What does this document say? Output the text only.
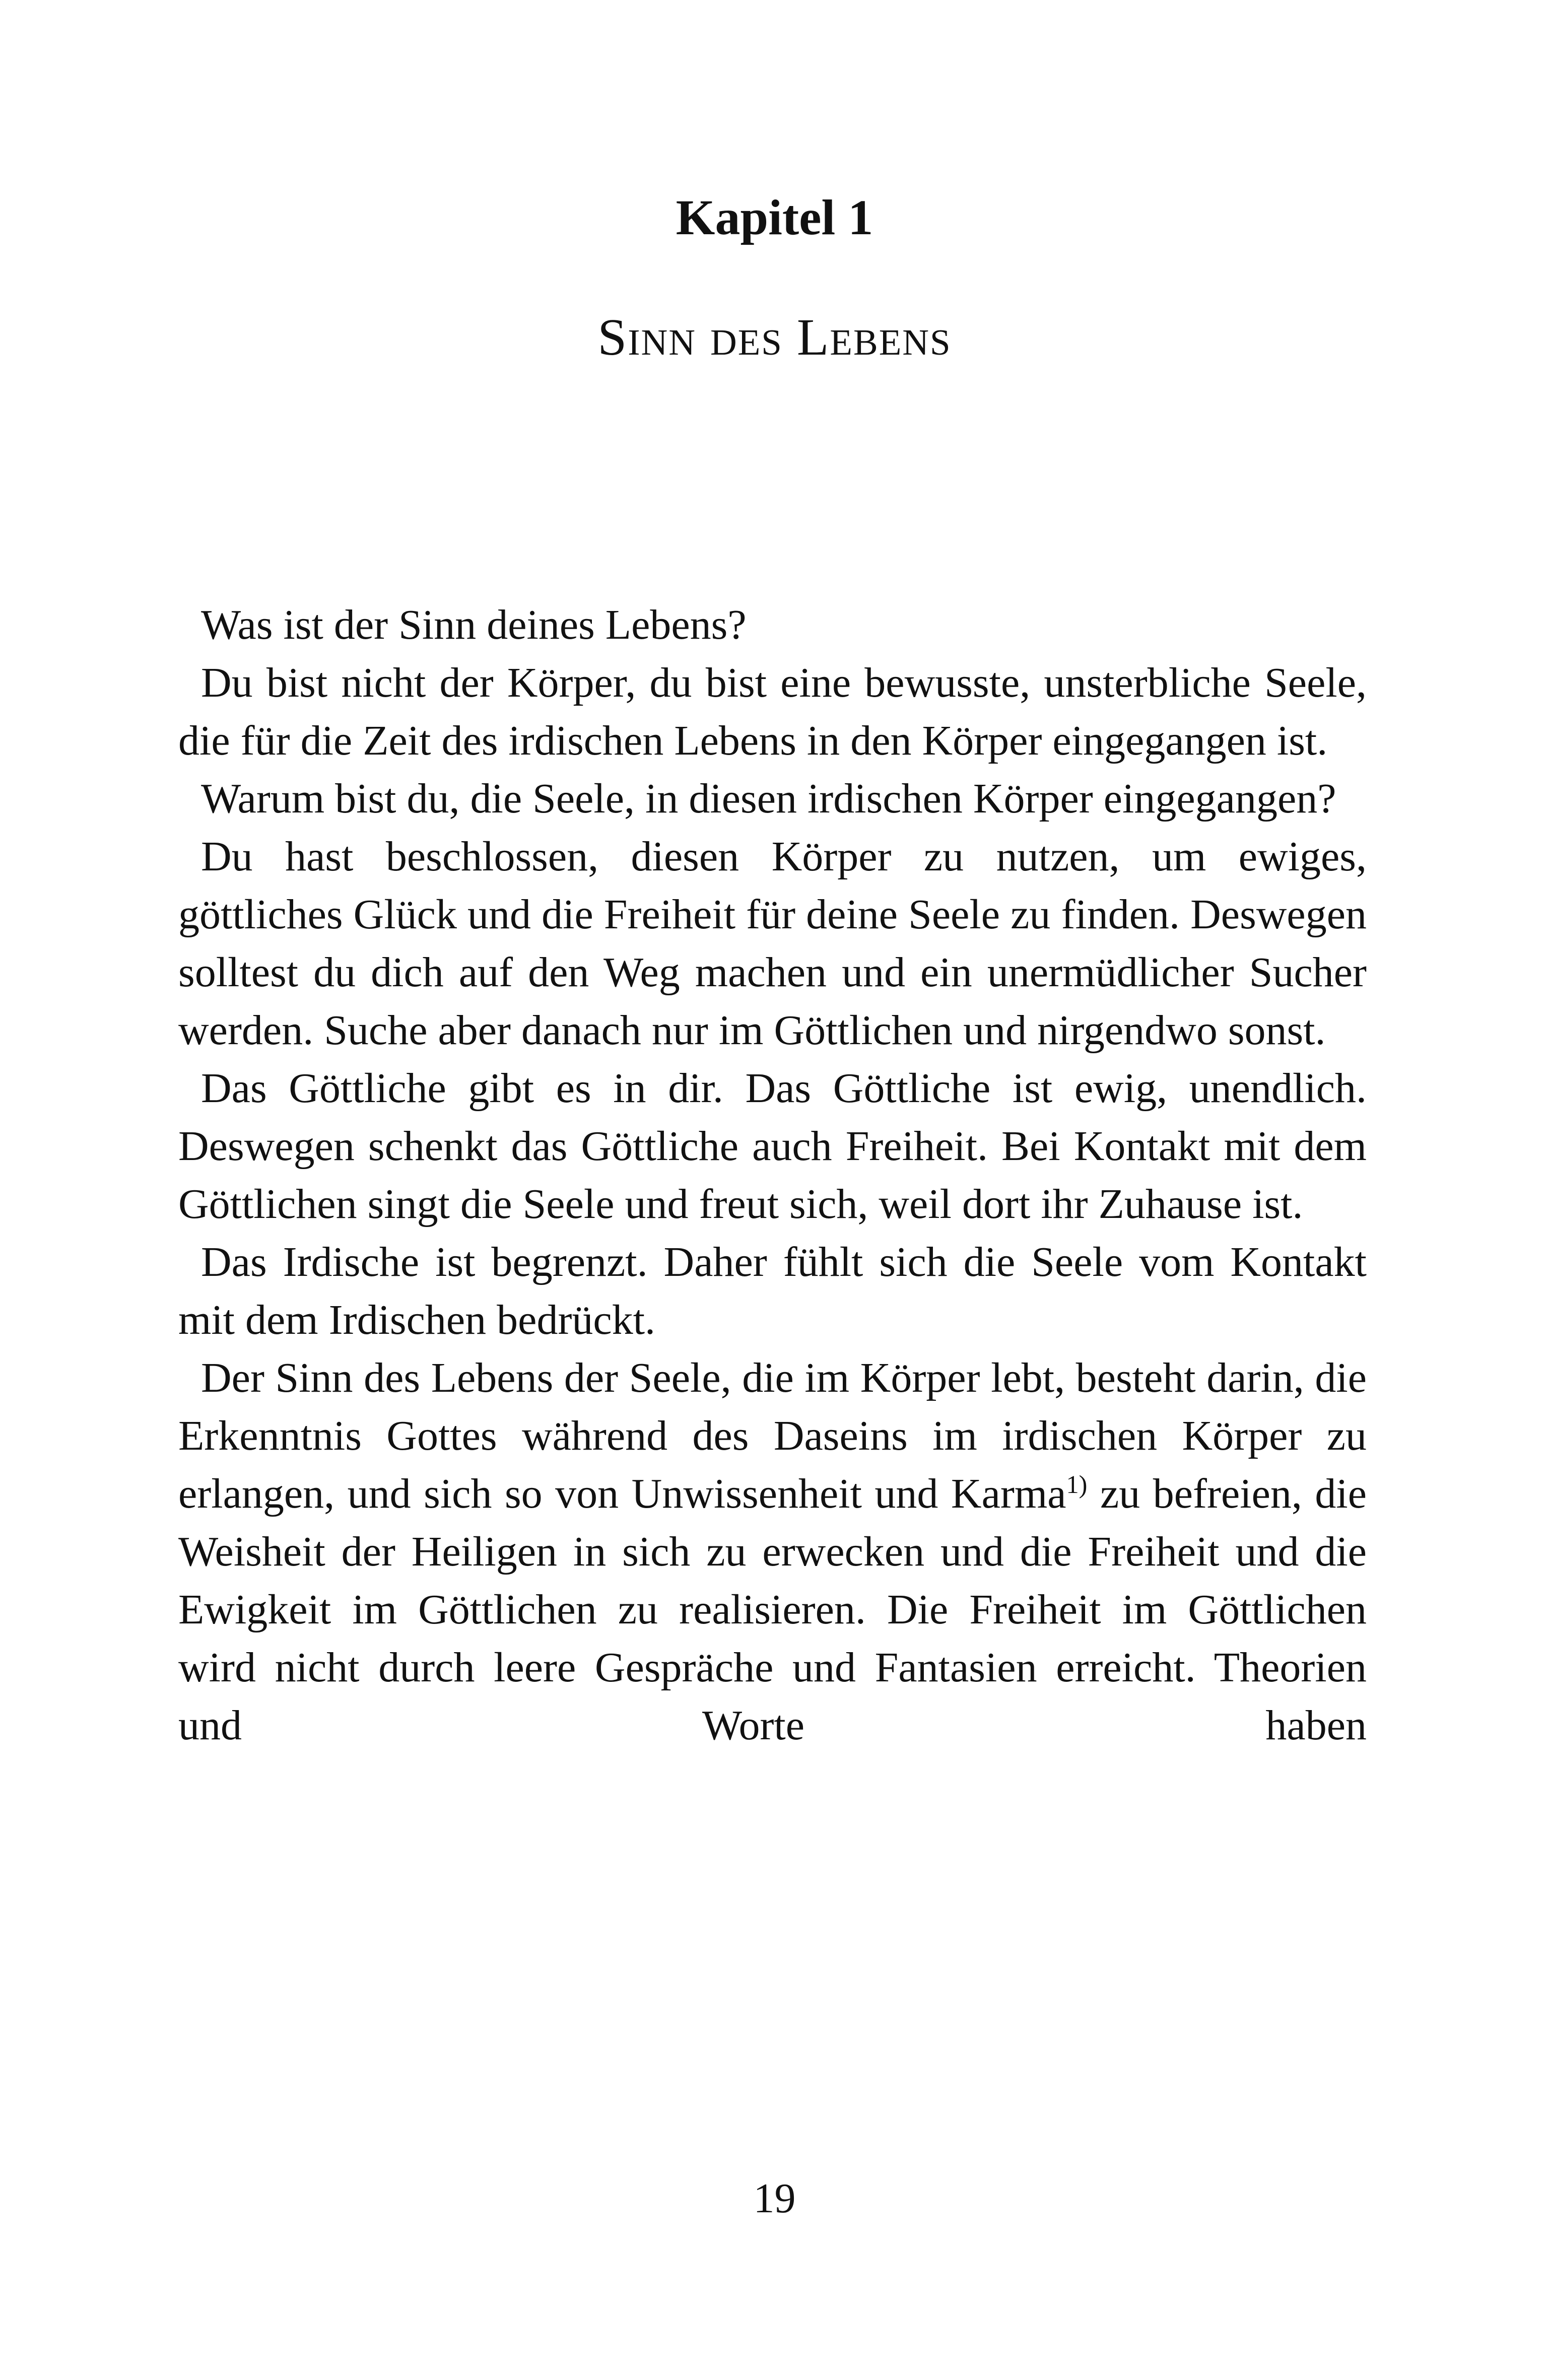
Kapitel 1
Sinn des Lebens

Was ist der Sinn deines Lebens?

Du bist nicht der Körper, du bist eine bewusste, unsterbliche Seele, die für die Zeit des irdischen Lebens in den Körper eingegangen ist.

Warum bist du, die Seele, in diesen irdischen Körper eingegangen?

Du hast beschlossen, diesen Körper zu nutzen, um ewiges, göttliches Glück und die Freiheit für deine Seele zu finden. Deswegen solltest du dich auf den Weg machen und ein unermüdlicher Sucher werden. Suche aber danach nur im Göttlichen und nirgendwo sonst.

Das Göttliche gibt es in dir. Das Göttliche ist ewig, unendlich. Deswegen schenkt das Göttliche auch Freiheit. Bei Kontakt mit dem Göttlichen singt die Seele und freut sich, weil dort ihr Zuhause ist.

Das Irdische ist begrenzt. Daher fühlt sich die Seele vom Kontakt mit dem Irdischen bedrückt.

Der Sinn des Lebens der Seele, die im Körper lebt, besteht darin, die Erkenntnis Gottes während des Daseins im irdischen Körper zu erlangen, und sich so von Unwissenheit und Karma$^{1)}$ zu befreien, die Weisheit der Heiligen in sich zu erwecken und die Freiheit und die Ewigkeit im Göttlichen zu realisieren. Die Freiheit im Göttlichen wird nicht durch leere Gespräche und Fantasien erreicht. Theorien und Worte haben

19
